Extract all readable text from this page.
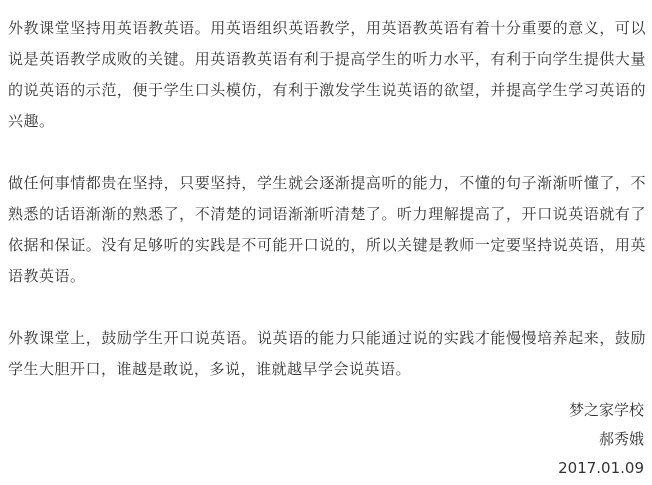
外教课堂坚持用英语教英语。用英语组织英语教学，用英语教英语有着十分重要的意义，可以说是英语教学成败的关键。用英语教英语有利于提高学生的听力水平，有利于向学生提供大量的说英语的示范，便于学生口头模仿，有利于激发学生说英语的欲望，并提高学生学习英语的兴趣。

做任何事情都贵在坚持，只要坚持，学生就会逐渐提高听的能力，不懂的句子渐渐听懂了，不熟悉的话语渐渐的熟悉了，不清楚的词语渐渐听清楚了。听力理解提高了，开口说英语就有了依据和保证。没有足够听的实践是不可能开口说的，所以关键是教师一定要坚持说英语，用英语教英语。

外教课堂上，鼓励学生开口说英语。说英语的能力只能通过说的实践才能慢慢培养起来，鼓励学生大胆开口，谁越是敢说，多说，谁就越早学会说英语。

梦之家学校
郝秀娥
2017.01.09
